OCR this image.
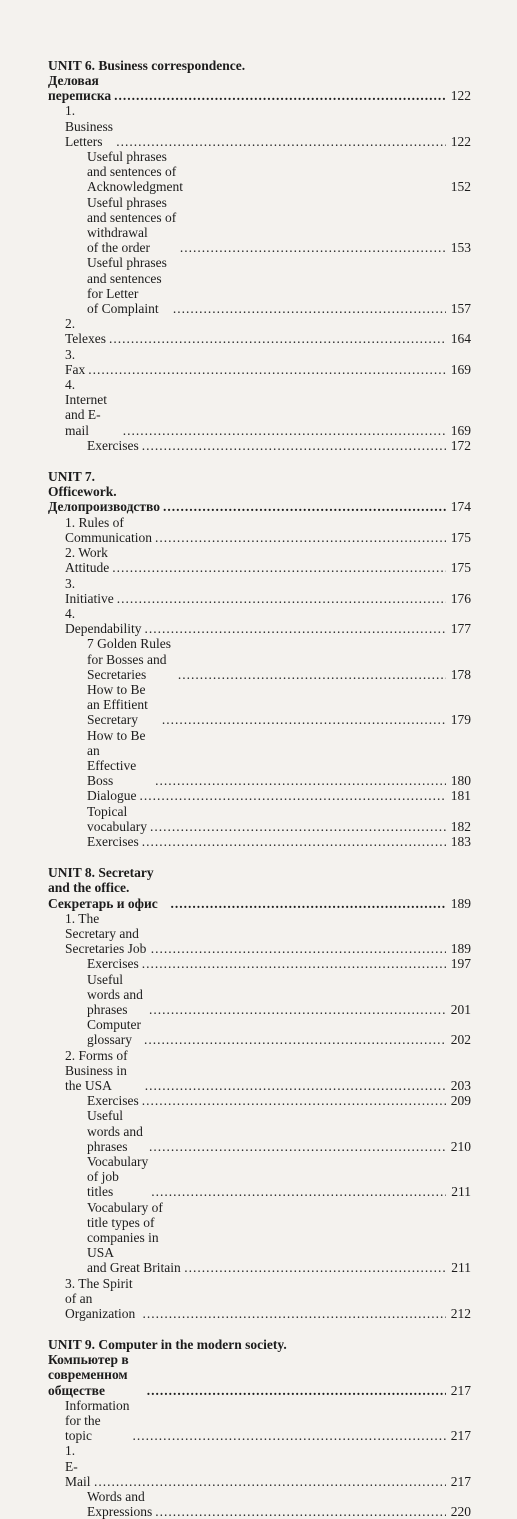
UNIT 6. Business correspondence.
Деловая переписка .....	122
1. Business Letters .....	122
Useful phrases and sentences of Acknowledgment	152
Useful phrases and sentences of withdrawal
of the order .....	153
Useful phrases and sentences for Letter
of Complaint .....	157
2. Telexes .....	164
3. Fax .....	169
4. Internet and E-mail .....	169
Exercises .....	172
UNIT 7. Officework. Делопроизводство .....	174
1. Rules of Communication .....	175
2. Work Attitude .....	175
3. Initiative .....	176
4. Dependability .....	177
7 Golden Rules for Bosses and Secretaries .....	178
How to Be an Effitient Secretary .....	179
How to Be an Effective Boss .....	180
Dialogue .....	181
Topical vocabulary .....	182
Exercises .....	183
UNIT 8. Secretary and the office. Секретарь и офис .....	189
1. The Secretary and Secretaries Job .....	189
Exercises .....	197
Useful words and phrases .....	201
Computer glossary .....	202
2. Forms of Business in the USA .....	203
Exercises .....	209
Useful words and phrases .....	210
Vocabulary of job titles .....	211
Vocabulary of title types of companies in USA
and Great Britain .....	211
3. The Spirit of an Organization .....	212
UNIT 9. Computer in the modern society.
Компьютер в современном обществе .....	217
Information for the topic .....	217
1. E-Mail .....	217
Words and Expressions .....	220
